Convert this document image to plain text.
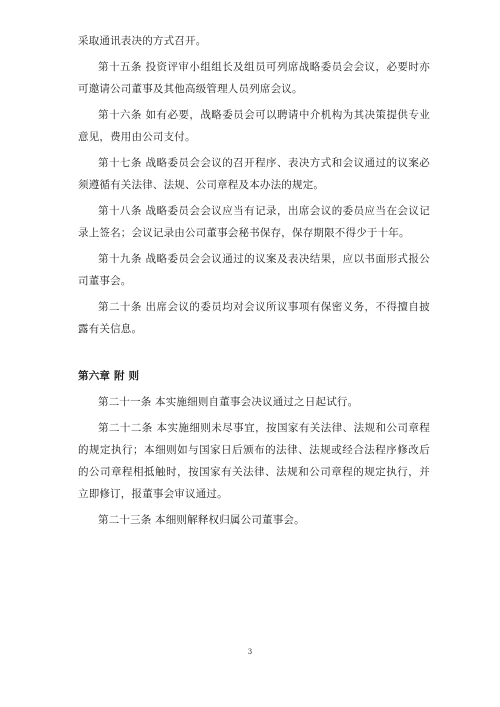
采取通讯表决的方式召开。

第十五条 投资评审小组组长及组员可列席战略委员会会议，必要时亦可邀请公司董事及其他高级管理人员列席会议。

第十六条 如有必要，战略委员会可以聘请中介机构为其决策提供专业意见，费用由公司支付。

第十七条 战略委员会会议的召开程序、表决方式和会议通过的议案必须遵循有关法律、法规、公司章程及本办法的规定。

第十八条 战略委员会会议应当有记录，出席会议的委员应当在会议记录上签名；会议记录由公司董事会秘书保存，保存期限不得少于十年。

第十九条 战略委员会会议通过的议案及表决结果，应以书面形式报公司董事会。

第二十条 出席会议的委员均对会议所议事项有保密义务，不得擅自披露有关信息。

第六章 附 则

第二十一条 本实施细则自董事会决议通过之日起试行。

第二十二条 本实施细则未尽事宜，按国家有关法律、法规和公司章程的规定执行；本细则如与国家日后颁布的法律、法规或经合法程序修改后的公司章程相抵触时，按国家有关法律、法规和公司章程的规定执行，并立即修订，报董事会审议通过。

第二十三条 本细则解释权归属公司董事会。

3
